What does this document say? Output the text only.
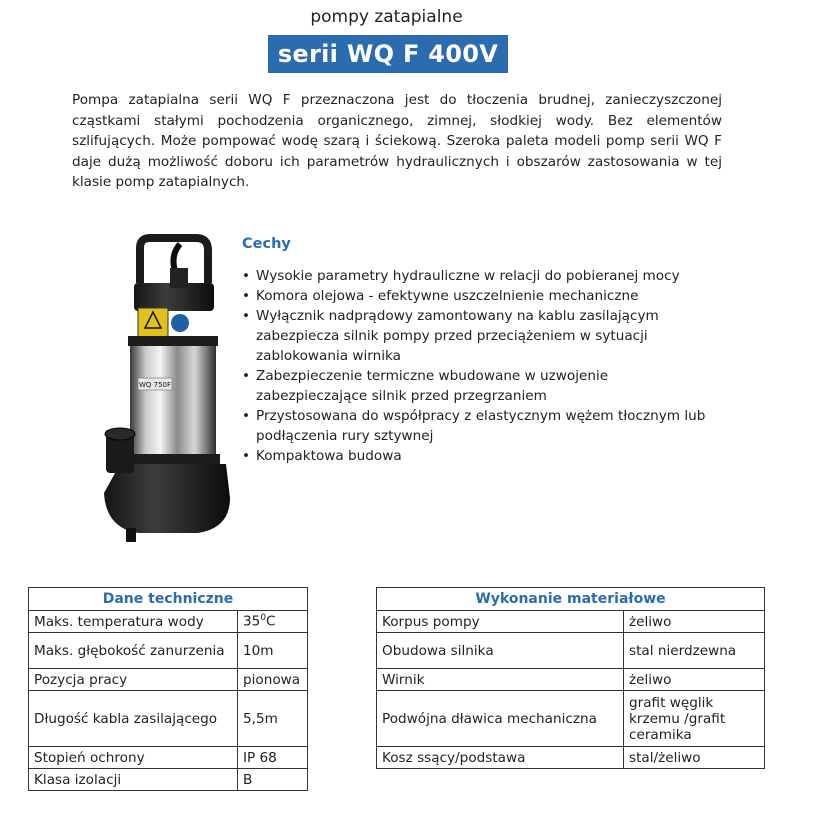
pompy zatapialne
serii WQ F 400V
Pompa zatapialna serii WQ F przeznaczona jest do tłoczenia brudnej, zanieczyszczonej cząstkami stałymi pochodzenia organicznego, zimnej, słodkiej wody. Bez elementów szlifujących. Może pompować wodę szarą i ściekową. Szeroka paleta modeli pomp serii WQ F daje dużą możliwość doboru ich parametrów hydraulicznych i obszarów zastosowania w tej klasie pomp zatapialnych.
WQ 750F
Cechy
• Wysokie parametry hydrauliczne w relacji do pobieranej mocy
• Komora olejowa - efektywne uszczelnienie mechaniczne
• Wyłącznik nadprądowy zamontowany na kablu zasilającym zabezpiecza silnik pompy przed przeciążeniem w sytuacji zablokowania wirnika
• Zabezpieczenie termiczne wbudowane w uzwojenie zabezpieczające silnik przed przegrzaniem
• Przystosowana do współpracy z elastycznym wężem tłocznym lub podłączenia rury sztywnej
• Kompaktowa budowa
Dane techniczne	
Maks. temperatura wody	$35^0C$
Maks. głębokość zanurzenia	10m
Pozycja pracy	pionowa
Długość kabla zasilającego	5,5m
Stopień ochrony	IP 68
Klasa izolacji	B
Wykonanie materiałowe	
Korpus pompy	żeliwo
Obudowa silnika	stal nierdzewna
Wirnik	żeliwo
Podwójna dławica mechaniczna	grafit węglik krzemu /grafit ceramika
Kosz ssący/podstawa	stal/żeliwo
